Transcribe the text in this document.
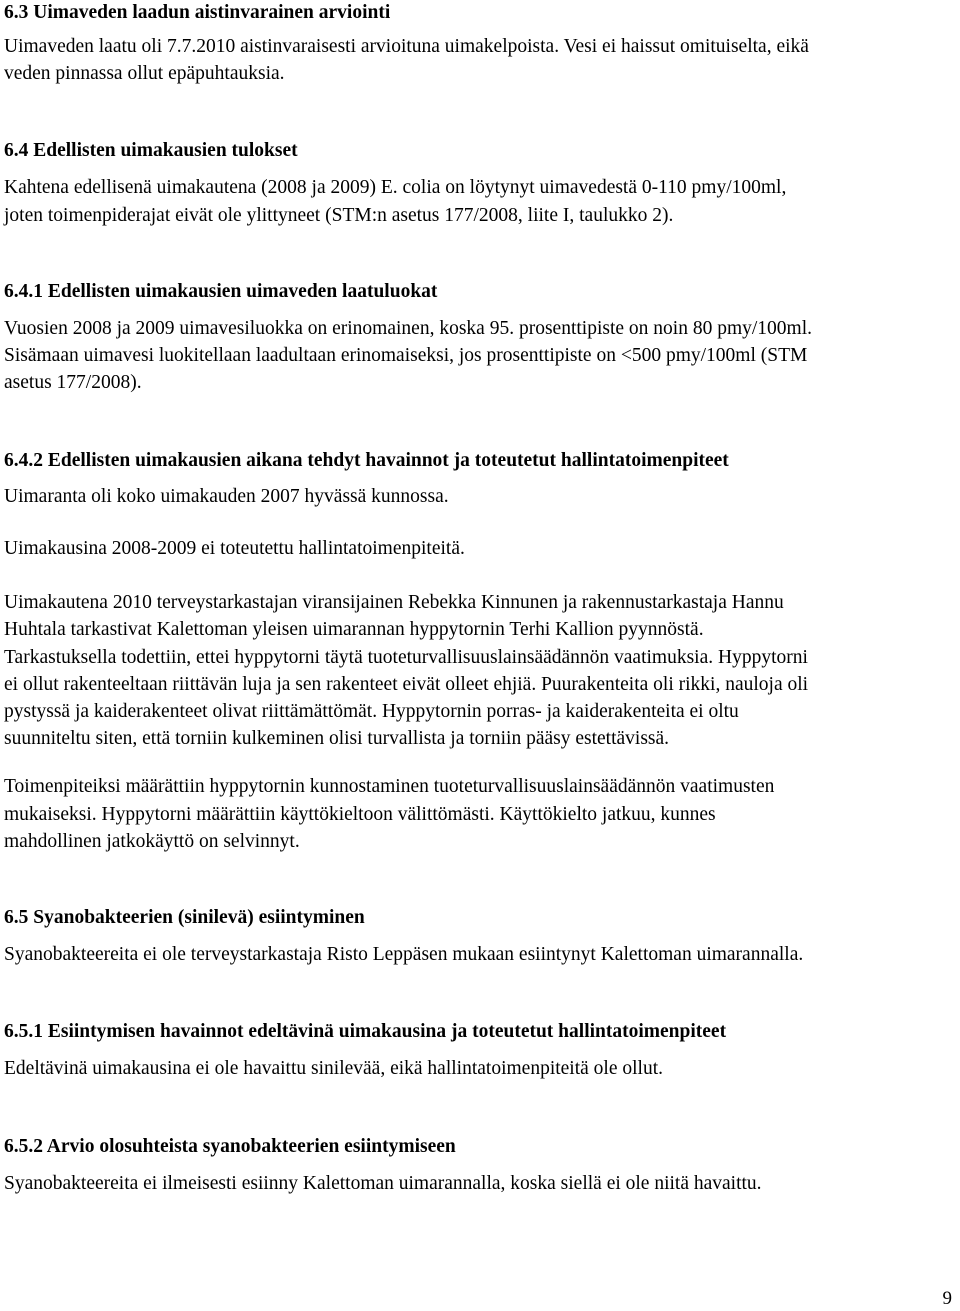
6.3 Uimaveden laadun aistinvarainen arviointi

Uimaveden laatu oli 7.7.2010 aistinvaraisesti arvioituna uimakelpoista. Vesi ei haissut omituiselta, eikä

veden pinnassa ollut epäpuhtauksia.

6.4 Edellisten uimakausien tulokset

Kahtena edellisenä uimakautena (2008 ja 2009) E. colia on löytynyt uimavedestä 0-110 pmy/100ml,

joten toimenpiderajat eivät ole ylittyneet (STM:n asetus 177/2008, liite I, taulukko 2).

6.4.1 Edellisten uimakausien uimaveden laatuluokat

Vuosien 2008 ja 2009 uimavesiluokka on erinomainen, koska 95. prosenttipiste on noin 80 pmy/100ml.

Sisämaan uimavesi luokitellaan laadultaan erinomaiseksi, jos prosenttipiste on <500 pmy/100ml (STM

asetus 177/2008).

6.4.2 Edellisten uimakausien aikana tehdyt havainnot ja toteutetut hallintatoimenpiteet

Uimaranta oli koko uimakauden 2007 hyvässä kunnossa.

Uimakausina 2008-2009 ei toteutettu hallintatoimenpiteitä.

Uimakautena 2010 terveystarkastajan viransijainen Rebekka Kinnunen ja rakennustarkastaja Hannu

Huhtala tarkastivat Kalettoman yleisen uimarannan hyppytornin Terhi Kallion pyynnöstä.

Tarkastuksella todettiin, ettei hyppytorni täytä tuoteturvallisuuslainsäädännön vaatimuksia. Hyppytorni

ei ollut rakenteeltaan riittävän luja ja sen rakenteet eivät olleet ehjiä. Puurakenteita oli rikki, nauloja oli

pystyssä ja kaiderakenteet olivat riittämättömät. Hyppytornin porras- ja kaiderakenteita ei oltu

suunniteltu siten, että torniin kulkeminen olisi turvallista ja torniin pääsy estettävissä.

Toimenpiteiksi määrättiin hyppytornin kunnostaminen tuoteturvallisuuslainsäädännön vaatimusten

mukaiseksi. Hyppytorni määrättiin käyttökieltoon välittömästi. Käyttökielto jatkuu, kunnes

mahdollinen jatkokäyttö on selvinnyt.

6.5 Syanobakteerien (sinilevä) esiintyminen

Syanobakteereita ei ole terveystarkastaja Risto Leppäsen mukaan esiintynyt Kalettoman uimarannalla.

6.5.1 Esiintymisen havainnot edeltävinä uimakausina ja toteutetut hallintatoimenpiteet

Edeltävinä uimakausina ei ole havaittu sinilevää, eikä hallintatoimenpiteitä ole ollut.

6.5.2 Arvio olosuhteista syanobakteerien esiintymiseen

Syanobakteereita ei ilmeisesti esiinny Kalettoman uimarannalla, koska siellä ei ole niitä havaittu.

9
